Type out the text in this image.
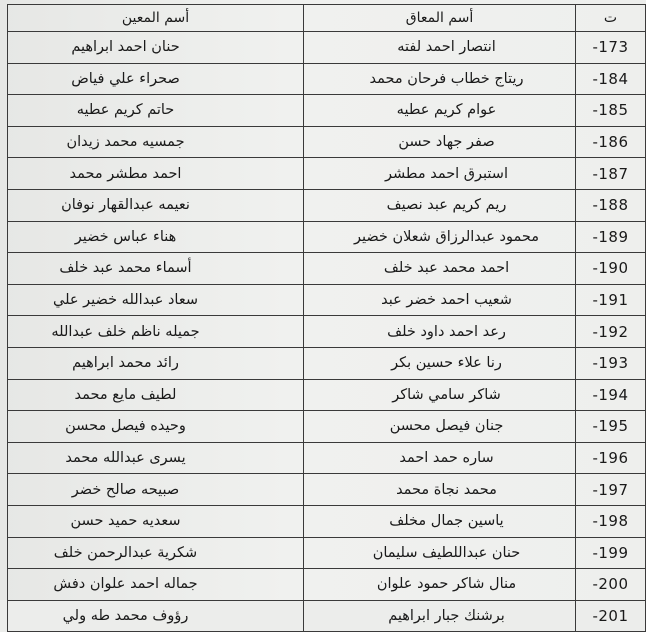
ت	أسم المعاق	أسم المعين
-173	انتصار احمد لفته	حنان احمد ابراهيم
-184	ريتاج خطاب فرحان محمد	صحراء علي فياض
-185	عوام كريم عطيه	حاتم كريم عطيه
-186	صفر جهاد حسن	جمسيه محمد زيدان
-187	استبرق احمد مطشر	احمد مطشر محمد
-188	ريم كريم عبد نصيف	نعيمه عبدالقهار نوفان
-189	محمود عبدالرزاق شعلان خضير	هناء عباس خضير
-190	احمد محمد عبد خلف	أسماء محمد عبد خلف
-191	شعيب احمد خضر عبد	سعاد عبدالله خضير علي
-192	رعد احمد داود خلف	جميله ناظم خلف عبدالله
-193	رنا علاء حسين بكر	رائد محمد ابراهيم
-194	شاكر سامي شاكر	لطيف مايع محمد
-195	جنان فيصل محسن	وحيده فيصل محسن
-196	ساره حمد احمد	يسرى عبدالله محمد
-197	محمد نجاة محمد	صبيحه صالح خضر
-198	ياسين جمال مخلف	سعديه حميد حسن
-199	حنان عبداللطيف سليمان	شكرية عبدالرحمن خلف
-200	منال شاكر حمود علوان	جماله احمد علوان دفش
-201	برشنك جبار ابراهيم	رؤوف محمد طه ولي
